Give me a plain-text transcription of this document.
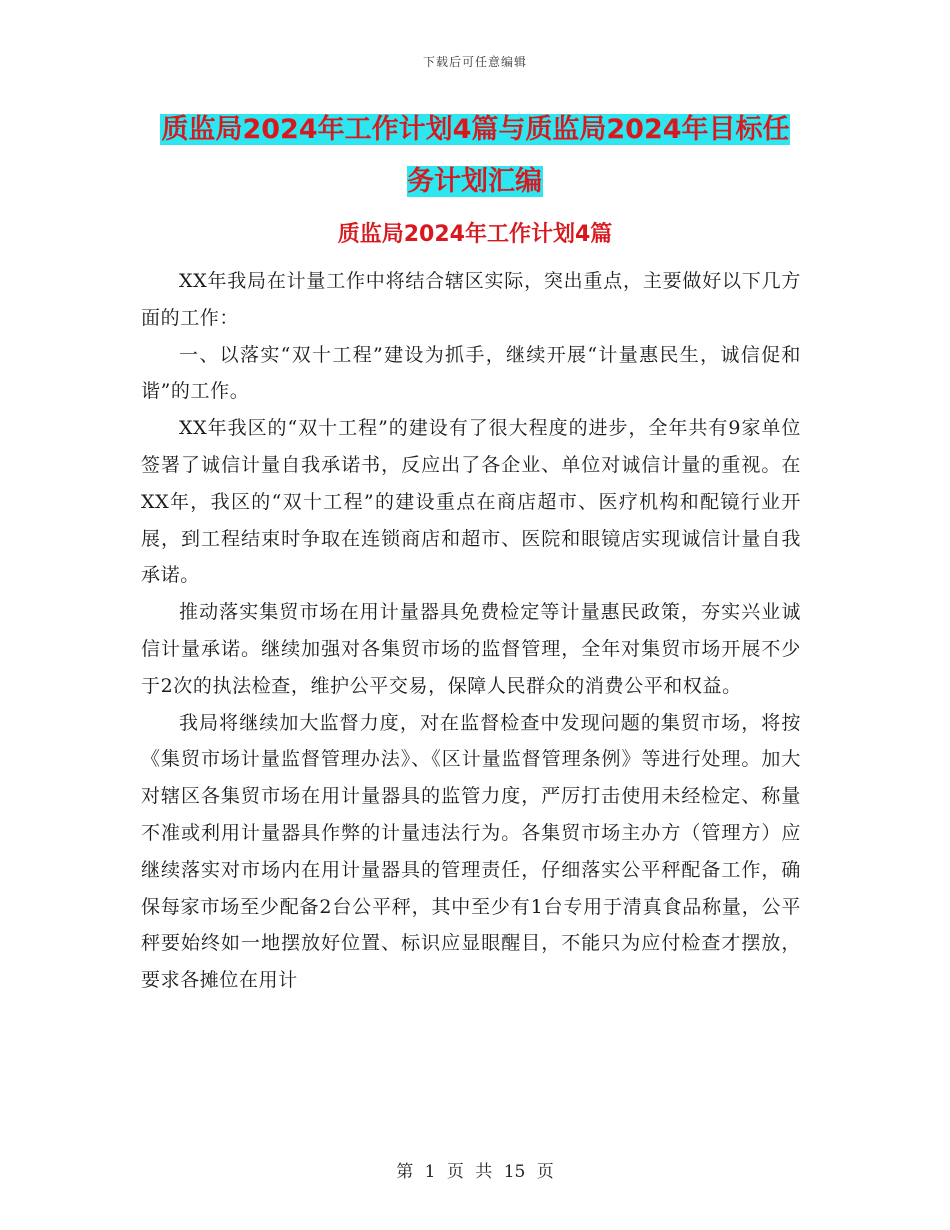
下载后可任意编辑
质监局2024年工作计划4篇与质监局2024年目标任务计划汇编
质监局2024年工作计划4篇

XX年我局在计量工作中将结合辖区实际，突出重点，主要做好以下几方面的工作：

一、以落实“双十工程”建设为抓手，继续开展“计量惠民生，诚信促和谐”的工作。

XX年我区的“双十工程”的建设有了很大程度的进步，全年共有9家单位签署了诚信计量自我承诺书，反应出了各企业、单位对诚信计量的重视。在XX年，我区的“双十工程”的建设重点在商店超市、医疗机构和配镜行业开展，到工程结束时争取在连锁商店和超市、医院和眼镜店实现诚信计量自我承诺。

推动落实集贸市场在用计量器具免费检定等计量惠民政策，夯实兴业诚信计量承诺。继续加强对各集贸市场的监督管理，全年对集贸市场开展不少于2次的执法检查，维护公平交易，保障人民群众的消费公平和权益。

我局将继续加大监督力度，对在监督检查中发现问题的集贸市场，将按《集贸市场计量监督管理办法》、《区计量监督管理条例》等进行处理。加大对辖区各集贸市场在用计量器具的监管力度，严厉打击使用未经检定、称量不准或利用计量器具作弊的计量违法行为。各集贸市场主办方（管理方）应继续落实对市场内在用计量器具的管理责任，仔细落实公平秤配备工作，确保每家市场至少配备2台公平秤，其中至少有1台专用于清真食品称量，公平秤要始终如一地摆放好位置、标识应显眼醒目，不能只为应付检查才摆放，要求各摊位在用计

第 1 页 共 15 页
